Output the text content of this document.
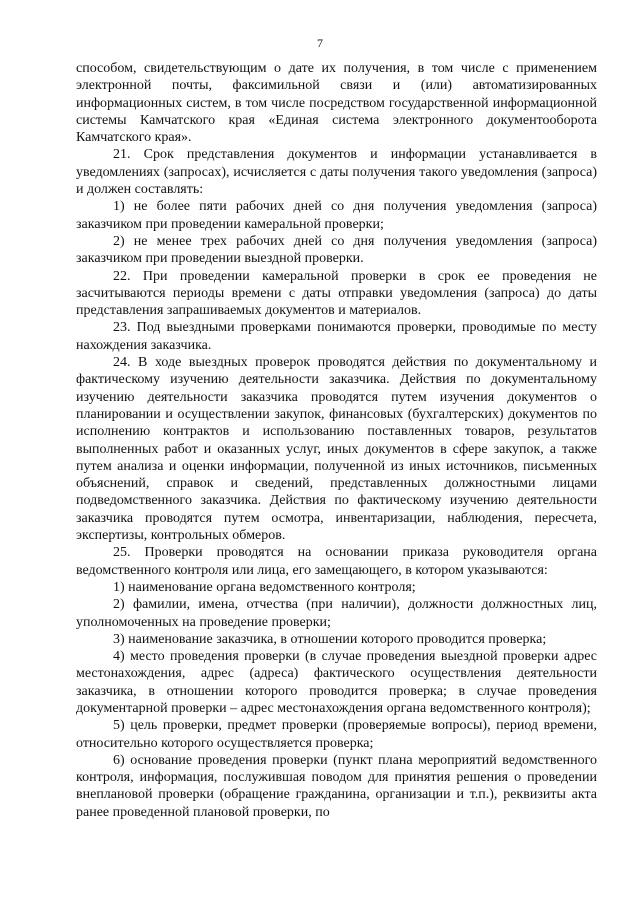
7

способом, свидетельствующим о дате их получения, в том числе с применением электронной почты, факсимильной связи и (или) автоматизированных информационных систем, в том числе посредством государственной информационной системы Камчатского края «Единая система электронного документооборота Камчатского края».

21. Срок представления документов и информации устанавливается в уведомлениях (запросах), исчисляется с даты получения такого уведомления (запроса) и должен составлять:

1) не более пяти рабочих дней со дня получения уведомления (запроса) заказчиком при проведении камеральной проверки;

2) не менее трех рабочих дней со дня получения уведомления (запроса) заказчиком при проведении выездной проверки.

22. При проведении камеральной проверки в срок ее проведения не засчитываются периоды времени с даты отправки уведомления (запроса) до даты представления запрашиваемых документов и материалов.

23. Под выездными проверками понимаются проверки, проводимые по месту нахождения заказчика.

24. В ходе выездных проверок проводятся действия по документальному и фактическому изучению деятельности заказчика. Действия по документальному изучению деятельности заказчика проводятся путем изучения документов о планировании и осуществлении закупок, финансовых (бухгалтерских) документов по исполнению контрактов и использованию поставленных товаров, результатов выполненных работ и оказанных услуг, иных документов в сфере закупок, а также путем анализа и оценки информации, полученной из иных источников, письменных объяснений, справок и сведений, представленных должностными лицами подведомственного заказчика. Действия по фактическому изучению деятельности заказчика проводятся путем осмотра, инвентаризации, наблюдения, пересчета, экспертизы, контрольных обмеров.

25. Проверки проводятся на основании приказа руководителя органа ведомственного контроля или лица, его замещающего, в котором указываются:

1) наименование органа ведомственного контроля;

2) фамилии, имена, отчества (при наличии), должности должностных лиц, уполномоченных на проведение проверки;

3) наименование заказчика, в отношении которого проводится проверка;

4) место проведения проверки (в случае проведения выездной проверки адрес местонахождения, адрес (адреса) фактического осуществления деятельности заказчика, в отношении которого проводится проверка; в случае проведения документарной проверки – адрес местонахождения органа ведомственного контроля);

5) цель проверки, предмет проверки (проверяемые вопросы), период времени, относительно которого осуществляется проверка;

6) основание проведения проверки (пункт плана мероприятий ведомственного контроля, информация, послужившая поводом для принятия решения о проведении внеплановой проверки (обращение гражданина, организации и т.п.), реквизиты акта ранее проведенной плановой проверки, по
